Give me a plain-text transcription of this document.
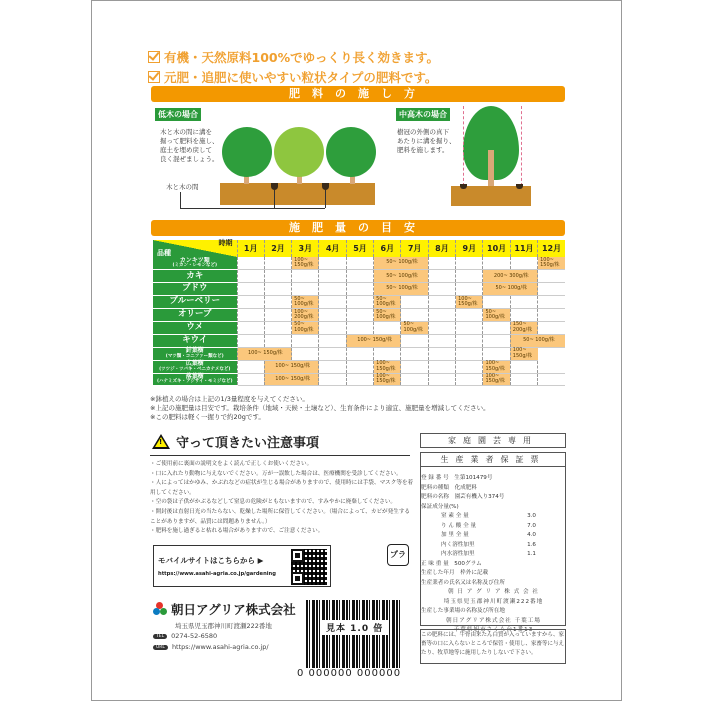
有機・天然原料100%でゆっくり長く効きます。
元肥・追肥に使いやすい粒状タイプの肥料です。
肥料の施し方
低木の場合
木と木の間に溝を
掘って肥料を施し、
庭土を埋め戻して
良く混ぜましょう。
木と木の間
中高木の場合
樹冠の外側の真下
あたりに溝を掘り、
肥料を施します。
施肥量の目安
時期
品種	1月	2月	3月	4月	5月	6月	7月	8月	9月	10月	11月	12月

カンキツ類
(ミカン・レモンなど)			100~ 150g/株			50~ 100g/株						100~ 150g/株

カキ						50~ 100g/株				200~ 300g/株		

ブドウ						50~ 100g/株				50~ 100g/株		

ブルーベリー			50~ 100g/株			50~ 100g/株			100~ 150g/株			

オリーブ			100~ 200g/株			50~ 100g/株				50~ 100g/株		

ウメ			50~ 100g/株				50~ 100g/株				150~ 200g/株	

キウイ					100~ 150g/株						50~ 100g/株	

針葉樹
(マツ類・コニファー類など)	100~ 150g/株										100~ 150g/株	

広葉樹
(ツツジ・ツバキ・ベニカナメなど)		100~ 150g/株				100~ 150g/株				100~ 150g/株		

落葉樹
(ハナミズキ・アジサイ・モミジなど)		100~ 150g/株				100~ 150g/株				100~ 150g/株		
※鉢植えの場合は上記の1/3量程度を与えてください。
※上記の施肥量は目安です。栽培条件（地域・天候・土壌など）、生育条件により適宜、施肥量を増減してください。
※この肥料は軽く一握りで約20gです。
! 守って頂きたい注意事項
・ ご使用前に裏面の説明文をよく読んで正しくお使いください。
・ 口に入れたり動物に与えないでください。万が一誤飲した場合は、医療機関を受診してください。
・ 人によってはかゆみ、かぶれなどの症状が生じる場合がありますので、使用時には手袋、マスク等を着用してください。
・ 空の袋は子供がかぶるなどして窒息の危険がともないますので、すみやかに廃棄してください。
・ 開封後は直射日光の当たらない、乾燥した場所に保管してください。（場合によって、カビが発生することがありますが、品質には問題ありません。）
・ 肥料を施し過ぎると枯れる場合がありますので、ご注意ください。
モバイルサイトはこちらから ▶
https://www.asahi-agria.co.jp/gardening
朝日アグリア株式会社
埼玉県児玉郡神川町渡瀬222番地
TEL 0274-52-6580
URL https://www.asahi-agria.co.jp/
見本 1.0 倍
0 000000 000000
プラ
家庭園芸専用
生産業者保証票
登 録 番 号　生第101479号
肥料の種類　化成肥料
肥料の名称　園芸有機入り374号
保証成分量(%)
窒 素 全 量	3.0
り ん 酸 全 量	7.0
加 里 全 量	4.0
内く溶性加里	1.6
内水溶性加里	1.1
正 味 重 量　500グラム
生産した年月　枠外に記載
生産業者の氏名又は名称及び住所
朝 日 ア グ リ ア 株 式 会 社
埼玉県児玉郡神川町渡瀬222番地
生産した事業場の名称及び所在地
朝日アグリア株式会社 千葉工場
千葉県旭市さくら台1番13
この肥料には、牛骨由来たん白質が入っていますから、家畜等の口に入らないところで保管・使用し、家畜等に与えたり、牧草地等に施用したりしないで下さい。
